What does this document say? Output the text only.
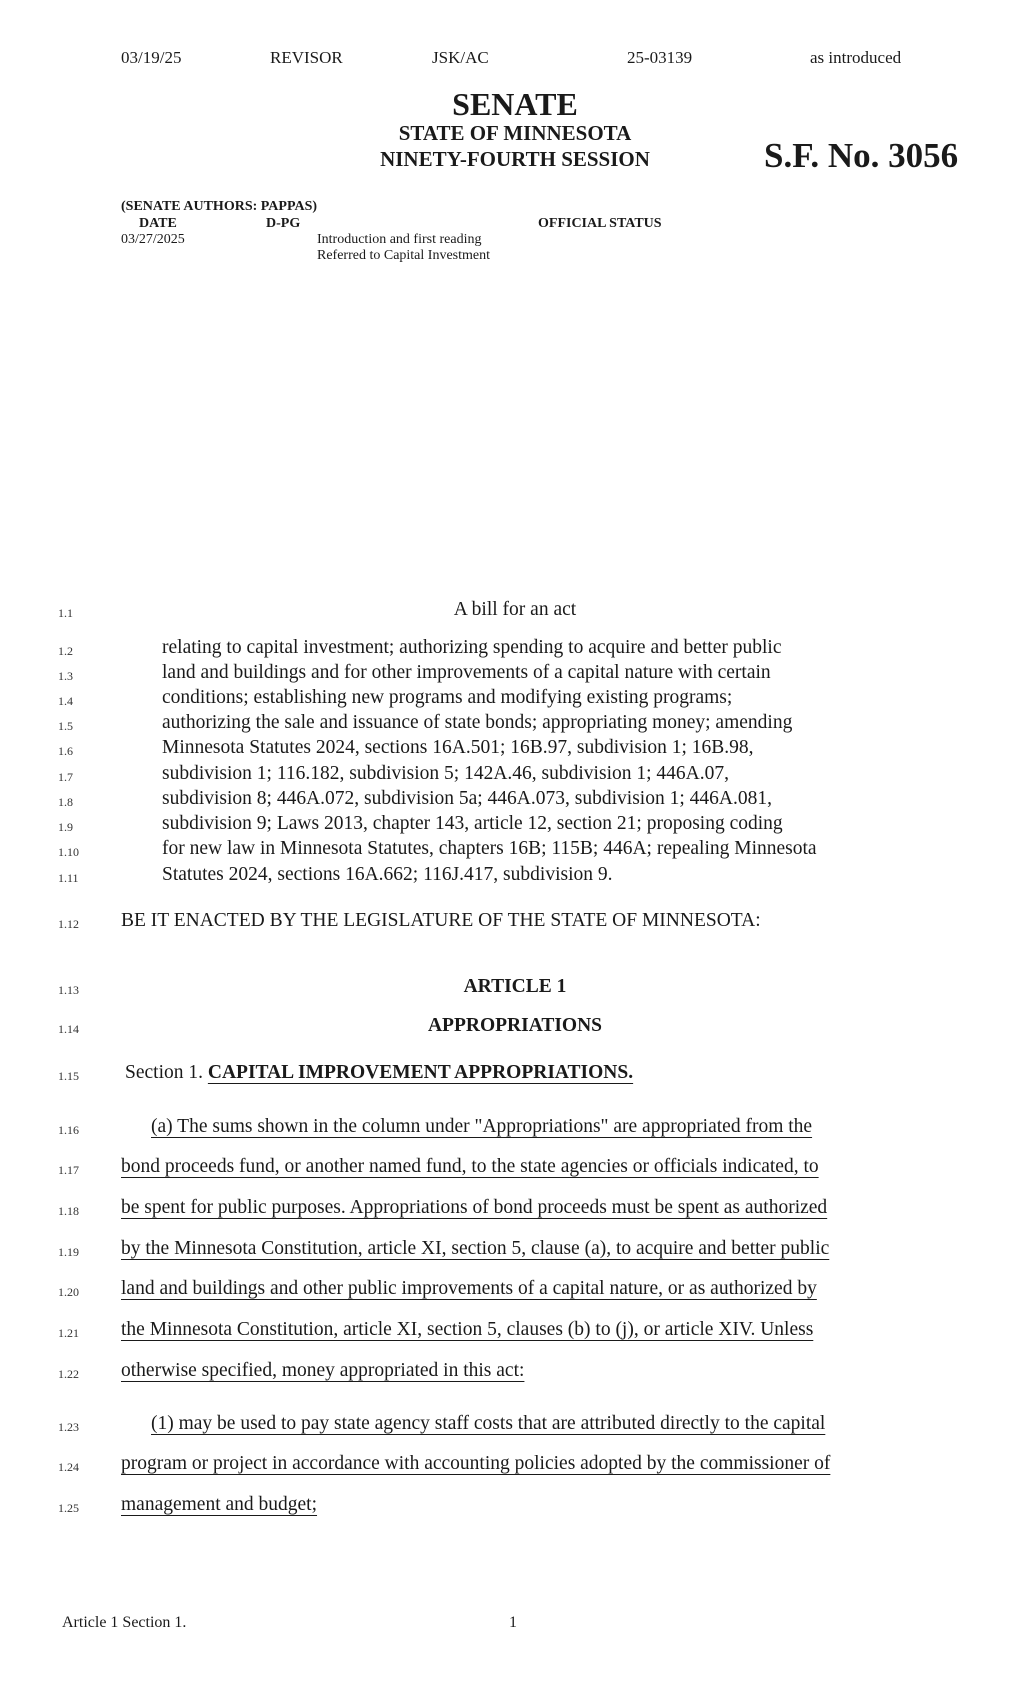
03/19/25	REVISOR	JSK/AC	25-03139	as introduced
SENATE
STATE OF MINNESOTA
NINETY-FOURTH SESSION	S.F. No. 3056
(SENATE AUTHORS: PAPPAS)
DATE	D-PG	OFFICIAL STATUS
03/27/2025	Introduction and first reading
Referred to Capital Investment
1.1
1.2
1.3
1.4
1.5
1.6
1.7
1.8
1.9
1.10
1.11
1.12
1.13
1.14
1.15
1.16
1.17
1.18
1.19
1.20
1.21
1.22
1.23
1.24
1.25
A bill for an act
relating to capital investment; authorizing spending to acquire and better public
land and buildings and for other improvements of a capital nature with certain
conditions; establishing new programs and modifying existing programs;
authorizing the sale and issuance of state bonds; appropriating money; amending
Minnesota Statutes 2024, sections 16A.501; 16B.97, subdivision 1; 16B.98,
subdivision 1; 116.182, subdivision 5; 142A.46, subdivision 1; 446A.07,
subdivision 8; 446A.072, subdivision 5a; 446A.073, subdivision 1; 446A.081,
subdivision 9; Laws 2013, chapter 143, article 12, section 21; proposing coding
for new law in Minnesota Statutes, chapters 16B; 115B; 446A; repealing Minnesota
Statutes 2024, sections 16A.662; 116J.417, subdivision 9.
BE IT ENACTED BY THE LEGISLATURE OF THE STATE OF MINNESOTA:
ARTICLE 1
APPROPRIATIONS
Section 1. CAPITAL IMPROVEMENT APPROPRIATIONS.
(a) The sums shown in the column under "Appropriations" are appropriated from the
bond proceeds fund, or another named fund, to the state agencies or officials indicated, to
be spent for public purposes. Appropriations of bond proceeds must be spent as authorized
by the Minnesota Constitution, article XI, section 5, clause (a), to acquire and better public
land and buildings and other public improvements of a capital nature, or as authorized by
the Minnesota Constitution, article XI, section 5, clauses (b) to (j), or article XIV. Unless
otherwise specified, money appropriated in this act:
(1) may be used to pay state agency staff costs that are attributed directly to the capital
program or project in accordance with accounting policies adopted by the commissioner of
management and budget;
Article 1 Section 1.	1
